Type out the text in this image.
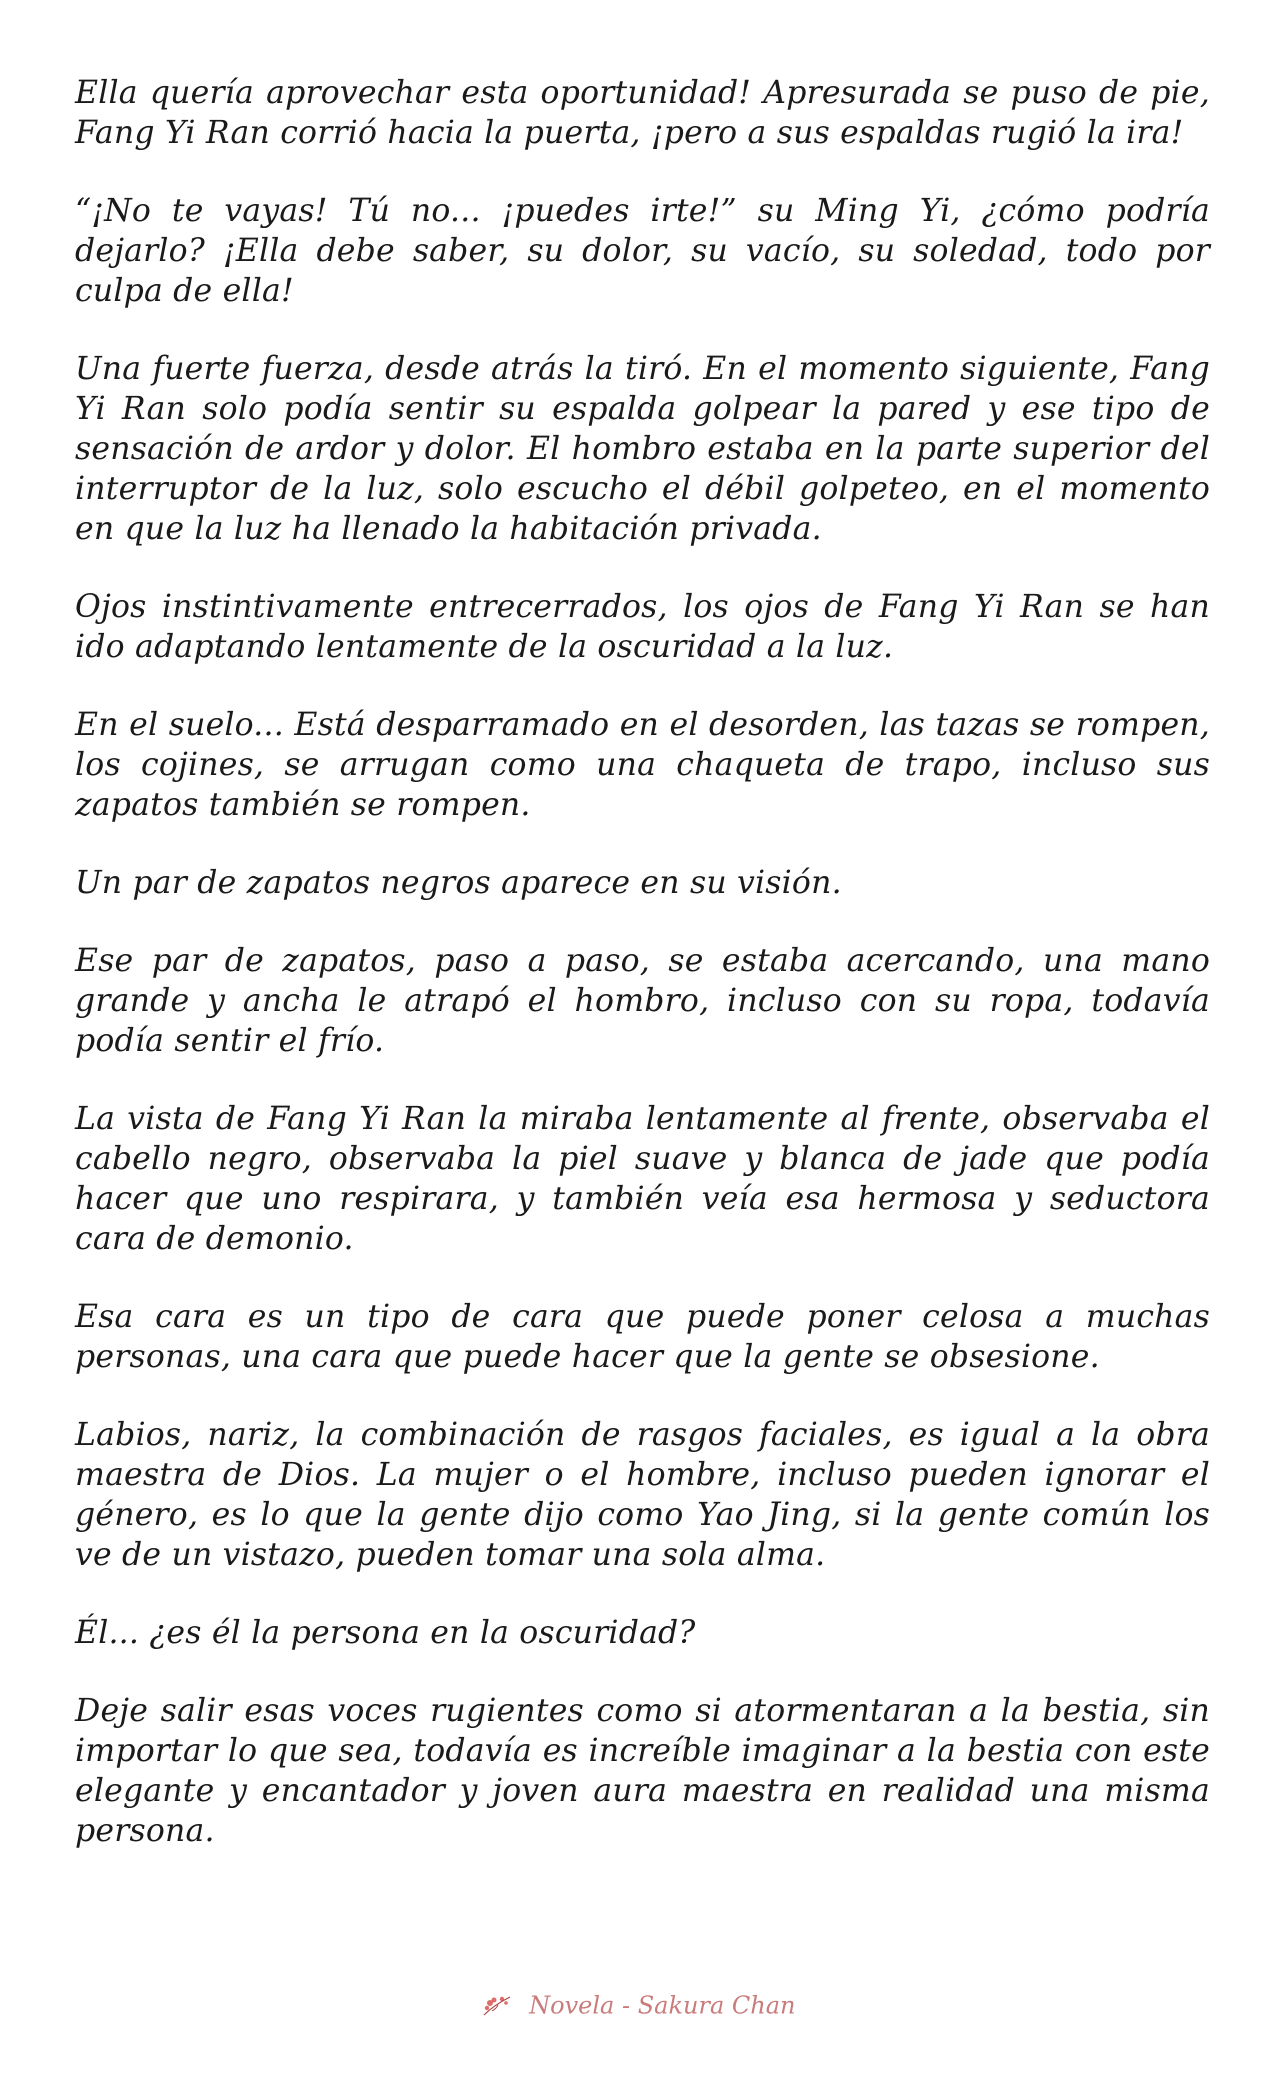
Ella quería aprovechar esta oportunidad! Apresurada se puso de pie, Fang Yi Ran corrió hacia la puerta, ¡pero a sus espaldas rugió la ira!

“¡No te vayas! Tú no... ¡puedes irte!” su Ming Yi, ¿cómo podría dejarlo? ¡Ella debe saber, su dolor, su vacío, su soledad, todo por culpa de ella!

Una fuerte fuerza, desde atrás la tiró. En el momento siguiente, Fang Yi Ran solo podía sentir su espalda golpear la pared y ese tipo de sensación de ardor y dolor. El hombro estaba en la parte superior del interruptor de la luz, solo escucho el débil golpeteo, en el momento en que la luz ha llenado la habitación privada.

Ojos instintivamente entrecerrados, los ojos de Fang Yi Ran se han ido adaptando lentamente de la oscuridad a la luz.

En el suelo... Está desparramado en el desorden, las tazas se rompen, los cojines, se arrugan como una chaqueta de trapo, incluso sus zapatos también se rompen.

Un par de zapatos negros aparece en su visión.

Ese par de zapatos, paso a paso, se estaba acercando, una mano grande y ancha le atrapó el hombro, incluso con su ropa, todavía podía sentir el frío.

La vista de Fang Yi Ran la miraba lentamente al frente, observaba el cabello negro, observaba la piel suave y blanca de jade que podía hacer que uno respirara, y también veía esa hermosa y seductora cara de demonio.

Esa cara es un tipo de cara que puede poner celosa a muchas personas, una cara que puede hacer que la gente se obsesione.

Labios, nariz, la combinación de rasgos faciales, es igual a la obra maestra de Dios. La mujer o el hombre, incluso pueden ignorar el género, es lo que la gente dijo como Yao Jing, si la gente común los ve de un vistazo, pueden tomar una sola alma.

Él... ¿es él la persona en la oscuridad?

Deje salir esas voces rugientes como si atormentaran a la bestia, sin importar lo que sea, todavía es increíble imaginar a la bestia con este elegante y encantador y joven aura maestra en realidad una misma persona.

Novela - Sakura Chan
